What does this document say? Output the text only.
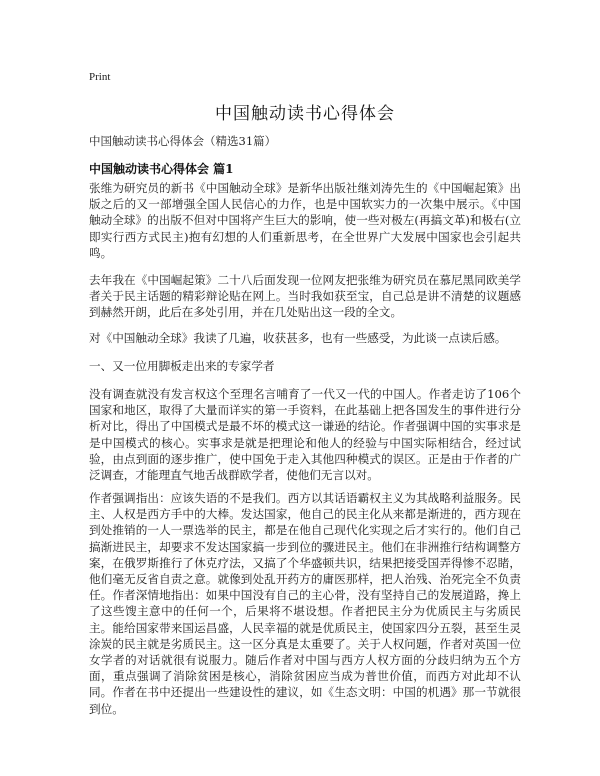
Print
中国触动读书心得体会
中国触动读书心得体会（精选31篇）
中国触动读书心得体会 篇1

张维为研究员的新书《中国触动全球》是新华出版社继刘涛先生的《中国崛起策》出版之后的又一部增强全国人民信心的力作，也是中国软实力的一次集中展示。《中国触动全球》的出版不但对中国将产生巨大的影响，使一些对极左(再搞文革)和极右(立即实行西方式民主)抱有幻想的人们重新思考，在全世界广大发展中国家也会引起共鸣。

去年我在《中国崛起策》二十八后面发现一位网友把张维为研究员在慕尼黑同欧美学者关于民主话题的精彩辩论贴在网上。当时我如获至宝，自己总是讲不清楚的议题感到赫然开朗，此后在多处引用，并在几处贴出这一段的全文。

对《中国触动全球》我读了几遍，收获甚多，也有一些感受，为此谈一点读后感。

一、又一位用脚板走出来的专家学者

没有调查就没有发言权这个至理名言哺育了一代又一代的中国人。作者走访了106个国家和地区，取得了大量而详实的第一手资料，在此基础上把各国发生的事件进行分析对比，得出了中国模式是最不坏的模式这一谦逊的结论。作者强调中国的实事求是是中国模式的核心。实事求是就是把理论和他人的经验与中国实际相结合，经过试验，由点到面的逐步推广，使中国免于走入其他四种模式的误区。正是由于作者的广泛调查，才能理直气地舌战群欧学者，使他们无言以对。

作者强调指出：应该失语的不是我们。西方以其话语霸权主义为其战略利益服务。民主、人权是西方手中的大棒。发达国家，他自己的民主化从来都是渐进的，西方现在到处推销的一人一票选举的民主，都是在他自己现代化实现之后才实行的。他们自己搞渐进民主，却要求不发达国家搞一步到位的骤进民主。他们在非洲推行结构调整方案，在俄罗斯推行了休克疗法，又搞了个华盛顿共识，结果把接受国弄得惨不忍睹，他们毫无反省自责之意。就像到处乱开药方的庸医那样，把人治残、治死完全不负责任。作者深情地指出：如果中国没有自己的主心骨，没有坚持自己的发展道路，搀上了这些馊主意中的任何一个，后果将不堪设想。作者把民主分为优质民主与劣质民主。能给国家带来国运昌盛，人民幸福的就是优质民主，使国家四分五裂，甚至生灵涂炭的民主就是劣质民主。这一区分真是太重要了。关于人权问题，作者对英国一位女学者的对话就很有说服力。随后作者对中国与西方人权方面的分歧归纳为五个方面，重点强调了消除贫困是核心，消除贫困应当成为普世价值，而西方对此却不认同。作者在书中还提出一些建设性的建议，如《生态文明：中国的机遇》那一节就很到位。
